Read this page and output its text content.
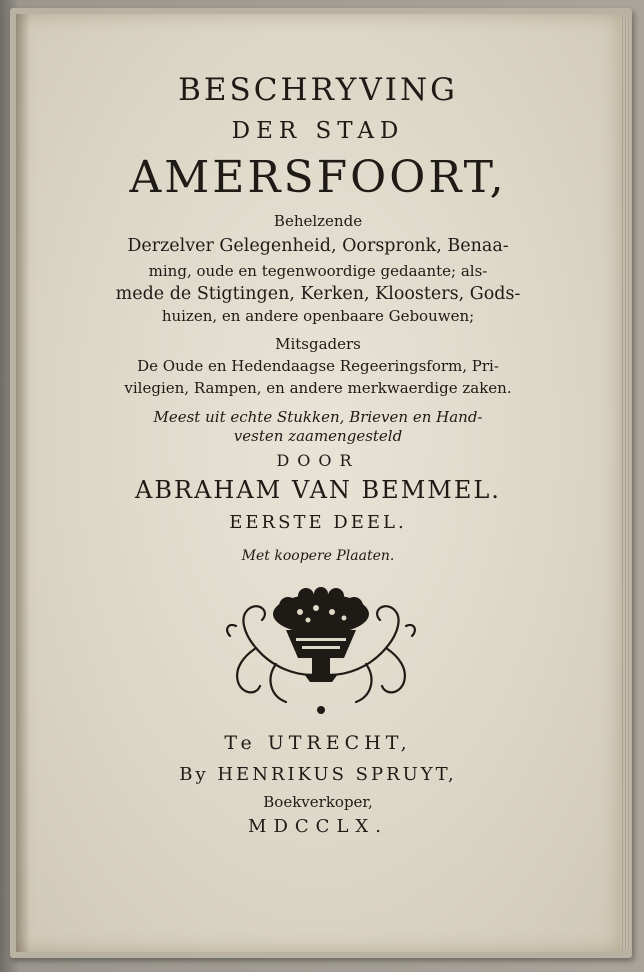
BESCHRYVING
DER STAD
AMERSFOORT,
Behelzende
Derzelver Gelegenheid, Oorspronk, Benaa-
ming, oude en tegenwoordige gedaante; als-
mede de Stigtingen, Kerken, Kloosters, Gods-
huizen, en andere openbaare Gebouwen;
Mitsgaders
De Oude en Hedendaagse Regeeringsform, Pri-
vilegien, Rampen, en andere merkwaerdige zaken.
Meest uit echte Stukken, Brieven en Hand-
vesten zaamengesteld
DOOR
ABRAHAM VAN BEMMEL.
EERSTE DEEL.
Met koopere Plaaten.
Te UTRECHT,
By HENRIKUS SPRUYT,
Boekverkoper,
MDCCLX.
